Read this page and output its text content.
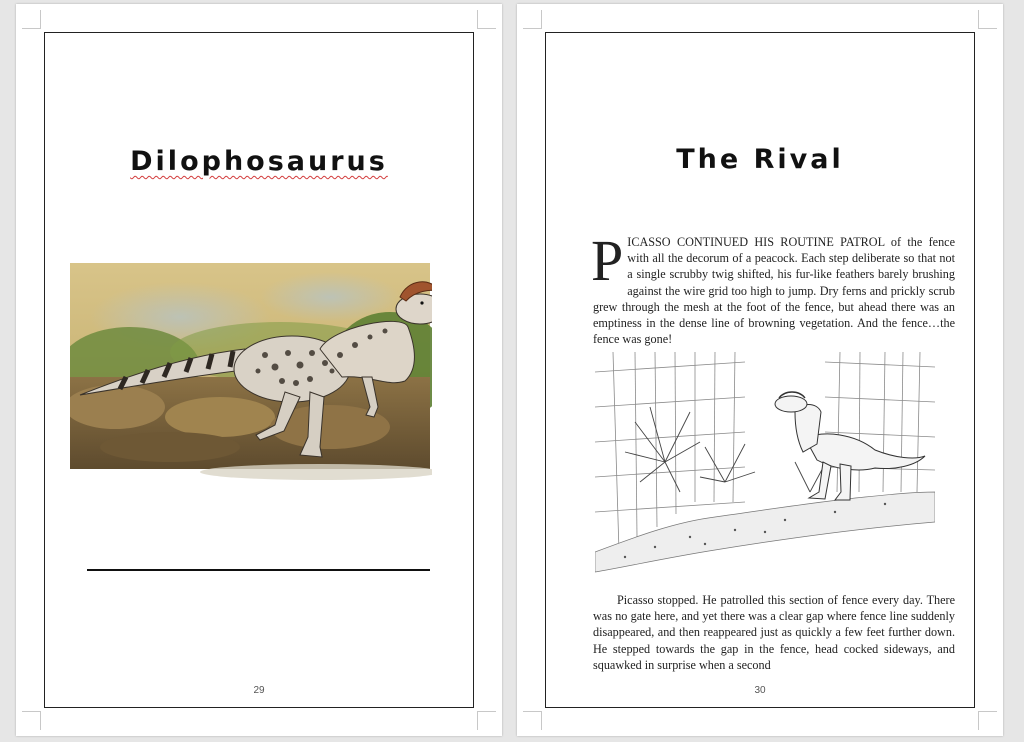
Dilophosaurus
29
The Rival
PICASSO CONTINUED HIS ROUTINE PATROL of the fence with all the decorum of a peacock. Each step deliberate so that not a single scrubby twig shifted, his fur-like feathers barely brushing against the wire grid too high to jump. Dry ferns and prickly scrub grew through the mesh at the foot of the fence, but ahead there was an emptiness in the dense line of browning vegetation. And the fence…the fence was gone!
Picasso stopped. He patrolled this section of fence every day. There was no gate here, and yet there was a clear gap where fence line suddenly disappeared, and then reappeared just as quickly a few feet further down. He stepped towards the gap in the fence, head cocked sideways, and squawked in surprise when a second
30
